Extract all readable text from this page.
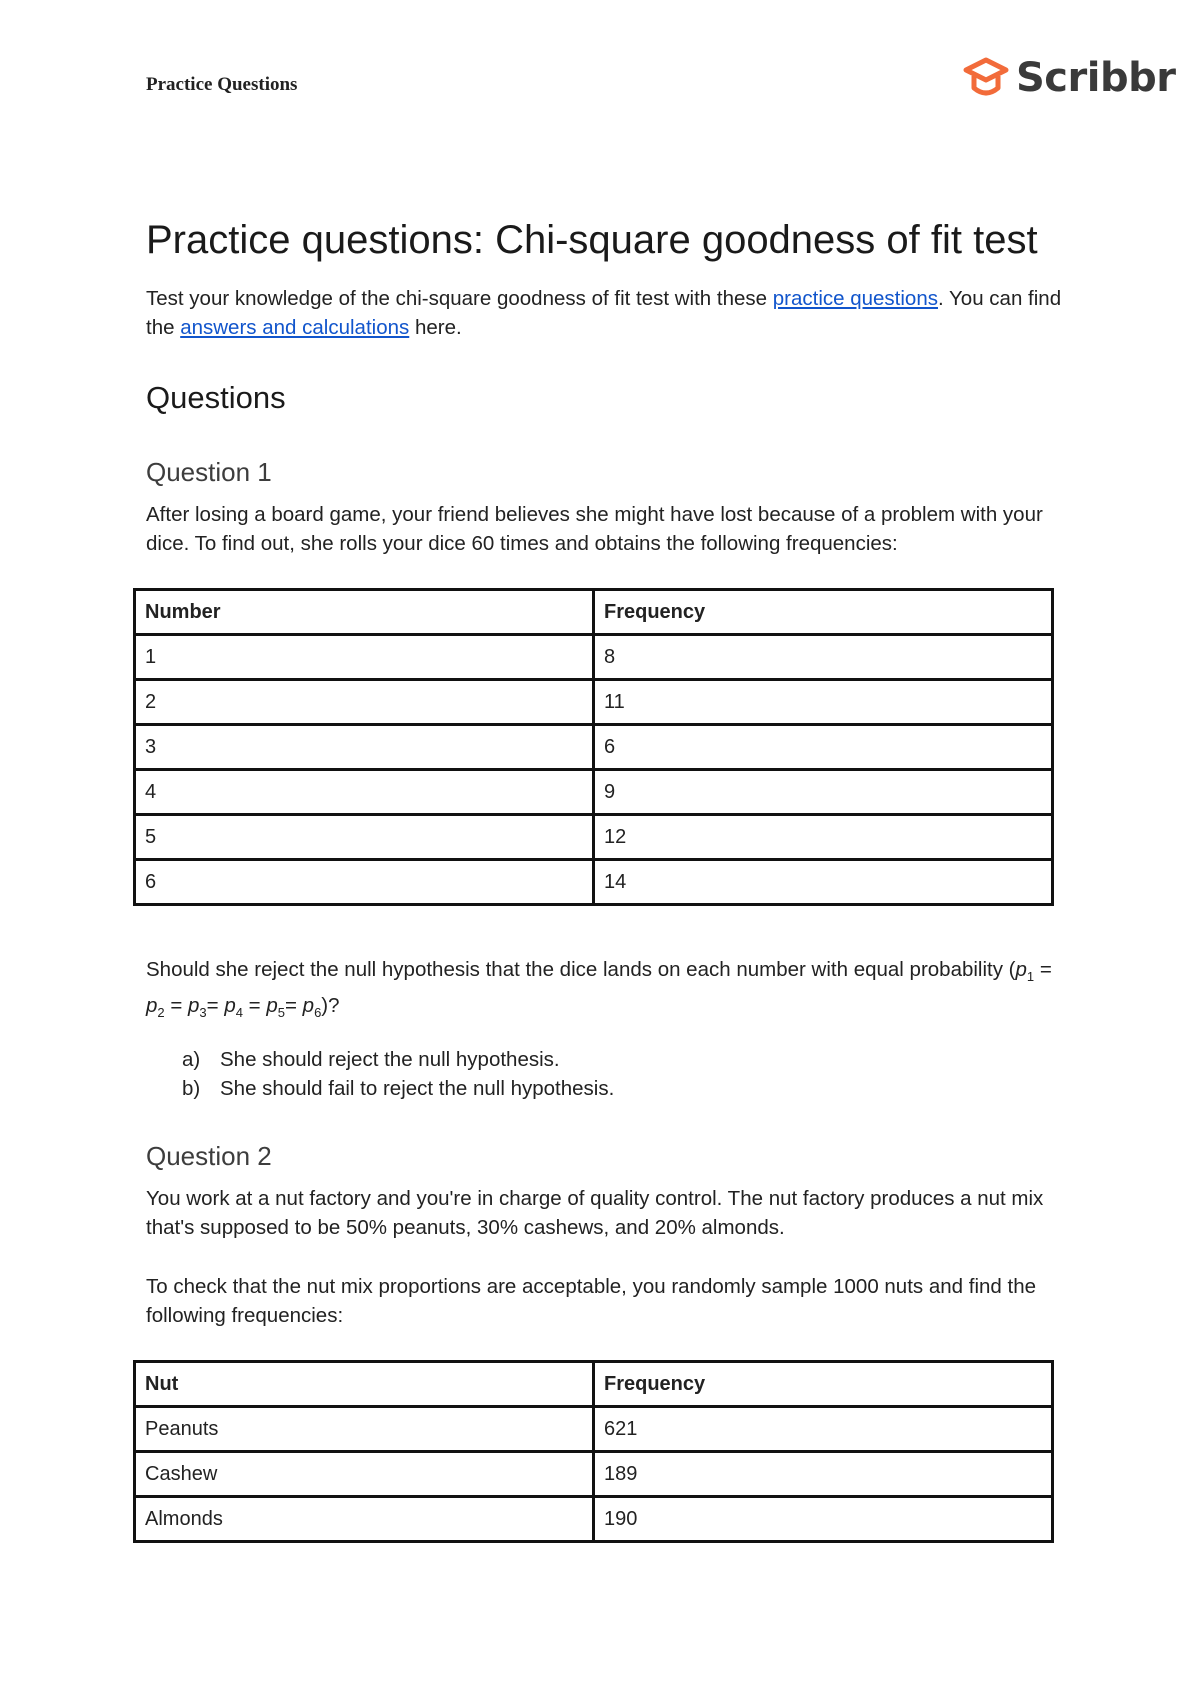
Practice Questions	Scribbr
Practice questions: Chi-square goodness of fit test

Test your knowledge of the chi-square goodness of fit test with these practice questions. You can find the answers and calculations here.

Questions
Question 1

After losing a board game, your friend believes she might have lost because of a problem with your dice. To find out, she rolls your dice 60 times and obtains the following frequencies:

Number	Frequency
1	8
2	11
3	6
4	9
5	12
6	14

Should she reject the null hypothesis that the dice lands on each number with equal probability $(p_1 = p_2 = p_3= p_4 = p_5= p_6)$?

a) She should reject the null hypothesis.
b) She should fail to reject the null hypothesis.
Question 2

You work at a nut factory and you're in charge of quality control. The nut factory produces a nut mix that's supposed to be 50% peanuts, 30% cashews, and 20% almonds.

To check that the nut mix proportions are acceptable, you randomly sample 1000 nuts and find the following frequencies:

Nut	Frequency
Peanuts	621
Cashew	189
Almonds	190
